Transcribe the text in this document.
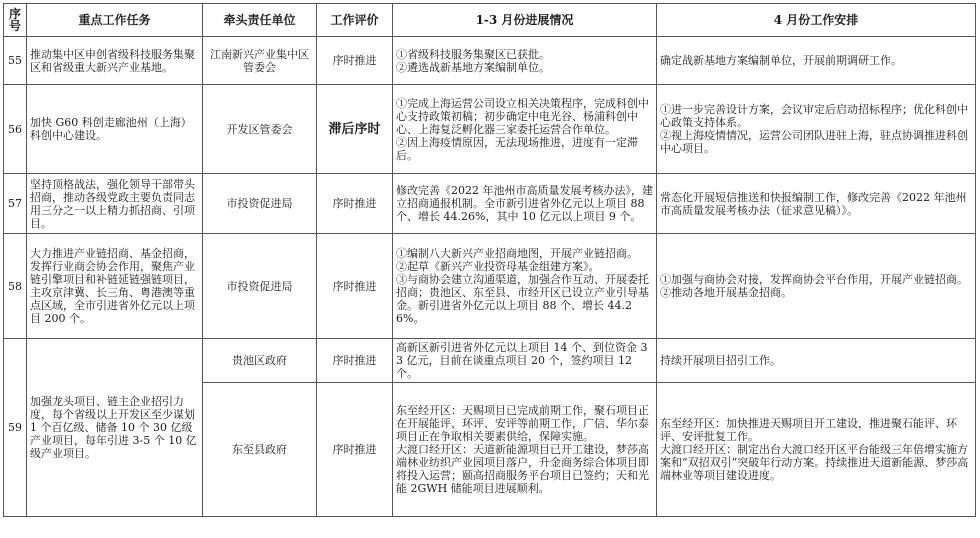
序
号	重点工作任务	牵头责任单位	工作评价	1-3 月份进展情况	4 月份工作安排
55	推动集中区申创省级科技服务集聚区和省级重大新兴产业基地。	江南新兴产业集中区管委会	序时推进	①省级科技服务集聚区已获批。
②遴选战新基地方案编制单位。	确定战新基地方案编制单位，开展前期调研工作。
56	加快 G60 科创走廊池州（上海）科创中心建设。	开发区管委会	滞后序时	①完成上海运营公司设立相关决策程序，完成科创中心支持政策初稿；初步确定中电光谷、杨浦科创中心、上海复泛孵化器三家委托运营合作单位。
②因上海疫情原因，无法现场推进，进度有一定滞后。	①进一步完善设计方案，会议审定后启动招标程序；优化科创中心政策支持体系。
②视上海疫情情况，运营公司团队进驻上海，驻点协调推进科创中心项目。
57	坚持顶格战法，强化领导干部带头招商，推动各级党政主要负责同志用三分之一以上精力抓招商、引项目。	市投资促进局	序时推进	修改完善《2022 年池州市高质量发展考核办法》，建立招商通报机制。全市新引进省外亿元以上项目 88 个、增长 44.26%，其中 10 亿元以上项目 9 个。	常态化开展短信推送和快报编制工作，修改完善《2022 年池州市高质量发展考核办法（征求意见稿）》。
58	大力推进产业链招商、基金招商，发挥行业商会协会作用，聚焦产业链引擎项目和补链延链强链项目，主攻京津冀、长三角、粤港澳等重点区域，全市引进省外亿元以上项目 200 个。	市投资促进局	序时推进	①编制八大新兴产业招商地图，开展产业链招商。
②起草《新兴产业投资母基金组建方案》。
③与商协会建立沟通渠道，加强合作互动、开展委托招商；贵池区、东至县、市经开区已设立产业引导基金。新引进省外亿元以上项目 88 个、增长 44.26%。	①加强与商协会对接，发挥商协会平台作用，开展产业链招商。
②推动各地开展基金招商。
59	加强龙头项目、链主企业招引力度，每个省级以上开发区至少谋划 1 个百亿级、储备 10 个 30 亿级产业项目，每年引进 3-5 个 10 亿级产业项目。	贵池区政府	序时推进	高新区新引进省外亿元以上项目 14 个、到位资金 33 亿元，目前在谈重点项目 20 个，签约项目 12 个。	持续开展项目招引工作。
		东至县政府	序时推进	东至经开区：天赐项目已完成前期工作，聚石项目正在开展能评、环评、安评等前期工作，广信、华尔泰项目正在争取相关要素供给，保障实施。
大渡口经开区：天道新能源项目已开工建设，梦莎高端林业纺织产业园项目落户，升金商务综合体项目即将投入运营；颐高招商服务平台项目已签约；天和光能 2GWH 储能项目进展顺利。	东至经开区：加快推进天赐项目开工建设，推进聚石能评、环评、安评批复工作。
大渡口经开区：制定出台大渡口经开区平台能级三年倍增实施方案和“双招双引”突破年行动方案。持续推进天道新能源、梦莎高端林业等项目建设进度。
